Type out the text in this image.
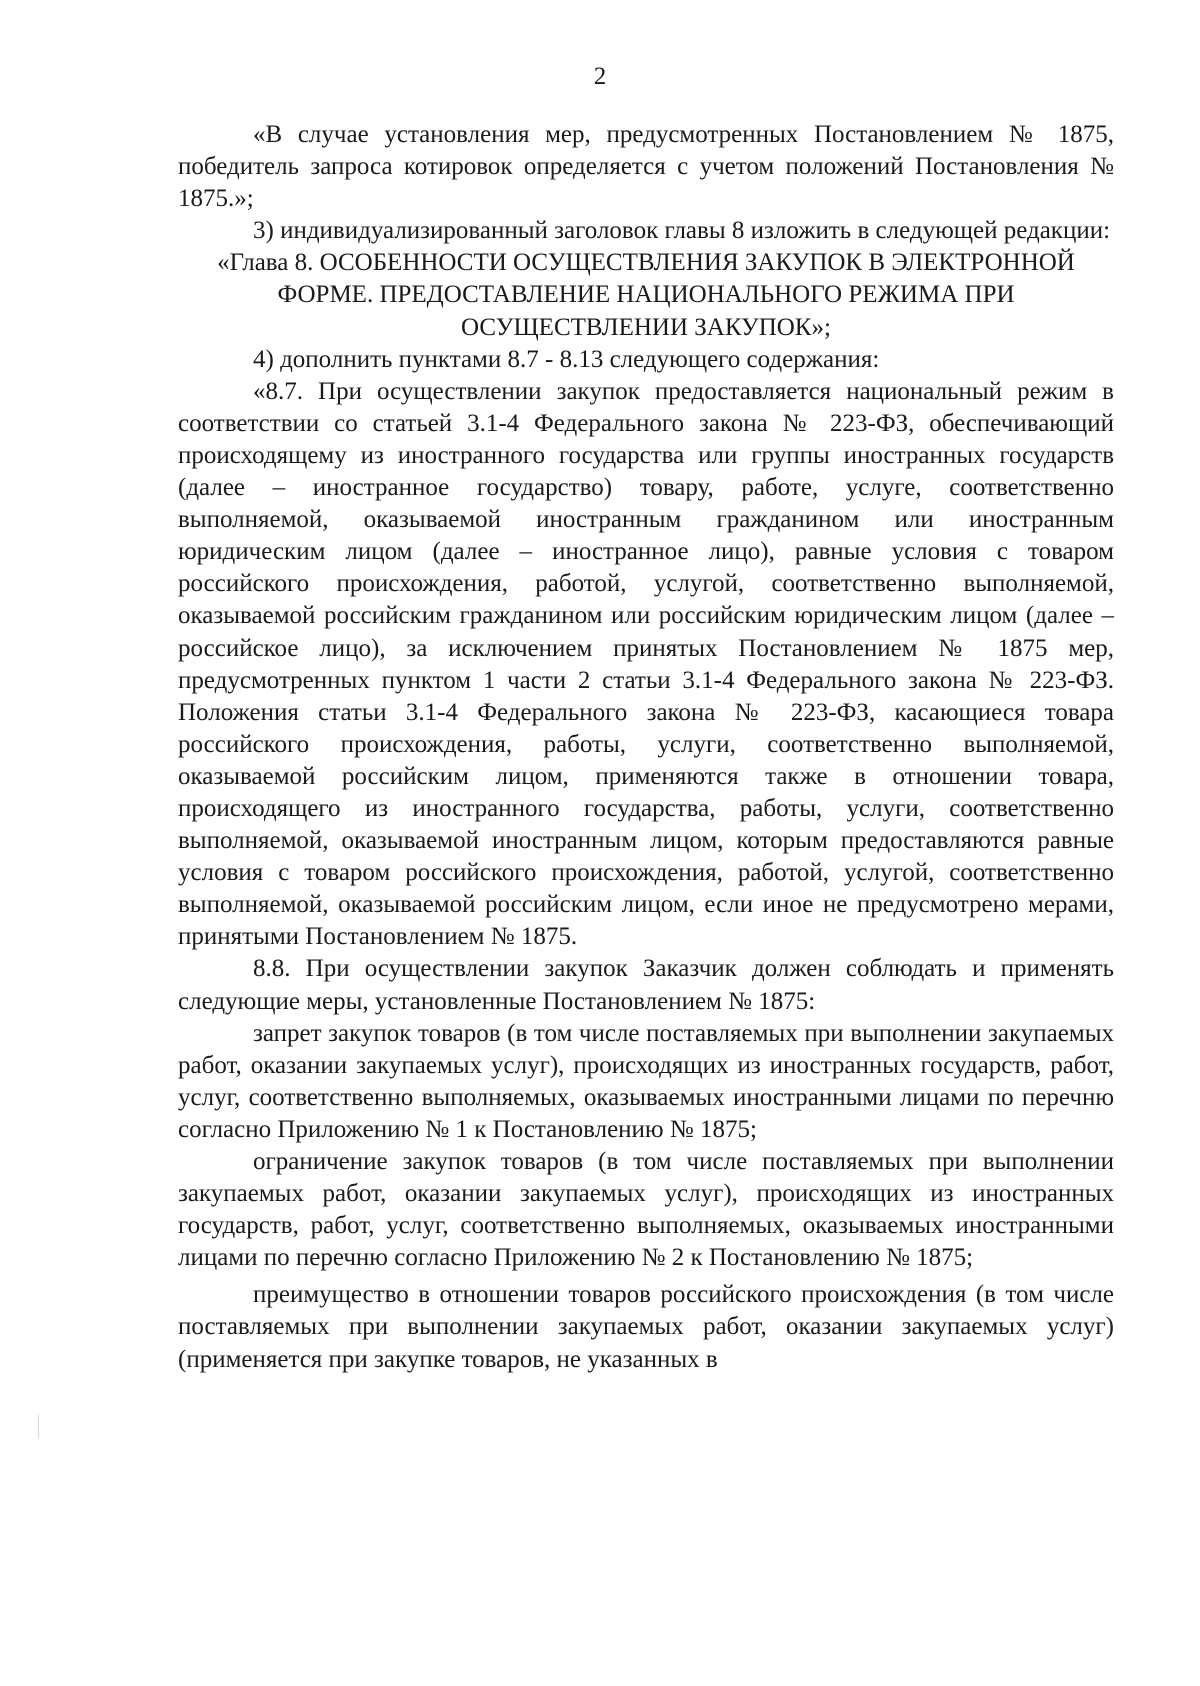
2

«В случае установления мер, предусмотренных Постановлением № 1875, победитель запроса котировок определяется с учетом положений Постановления № 1875.»;

3) индивидуализированный заголовок главы 8 изложить в следующей редакции:

«Глава 8. ОСОБЕННОСТИ ОСУЩЕСТВЛЕНИЯ ЗАКУПОК В ЭЛЕКТРОННОЙ ФОРМЕ. ПРЕДОСТАВЛЕНИЕ НАЦИОНАЛЬНОГО РЕЖИМА ПРИ ОСУЩЕСТВЛЕНИИ ЗАКУПОК»;

4) дополнить пунктами 8.7 - 8.13 следующего содержания:

«8.7. При осуществлении закупок предоставляется национальный режим в соответствии со статьей 3.1-4 Федерального закона № 223-ФЗ, обеспечивающий происходящему из иностранного государства или группы иностранных государств (далее – иностранное государство) товару, работе, услуге, соответственно выполняемой, оказываемой иностранным гражданином или иностранным юридическим лицом (далее – иностранное лицо), равные условия с товаром российского происхождения, работой, услугой, соответственно выполняемой, оказываемой российским гражданином или российским юридическим лицом (далее – российское лицо), за исключением принятых Постановлением № 1875 мер, предусмотренных пунктом 1 части 2 статьи 3.1-4 Федерального закона № 223-ФЗ. Положения статьи 3.1-4 Федерального закона № 223-ФЗ, касающиеся товара российского происхождения, работы, услуги, соответственно выполняемой, оказываемой российским лицом, применяются также в отношении товара, происходящего из иностранного государства, работы, услуги, соответственно выполняемой, оказываемой иностранным лицом, которым предоставляются равные условия с товаром российского происхождения, работой, услугой, соответственно выполняемой, оказываемой российским лицом, если иное не предусмотрено мерами, принятыми Постановлением № 1875.

8.8. При осуществлении закупок Заказчик должен соблюдать и применять следующие меры, установленные Постановлением № 1875:

запрет закупок товаров (в том числе поставляемых при выполнении закупаемых работ, оказании закупаемых услуг), происходящих из иностранных государств, работ, услуг, соответственно выполняемых, оказываемых иностранными лицами по перечню согласно Приложению № 1 к Постановлению № 1875;

ограничение закупок товаров (в том числе поставляемых при выполнении закупаемых работ, оказании закупаемых услуг), происходящих из иностранных государств, работ, услуг, соответственно выполняемых, оказываемых иностранными лицами по перечню согласно Приложению № 2 к Постановлению № 1875;

преимущество в отношении товаров российского происхождения (в том числе поставляемых при выполнении закупаемых работ, оказании закупаемых услуг) (применяется при закупке товаров, не указанных в
